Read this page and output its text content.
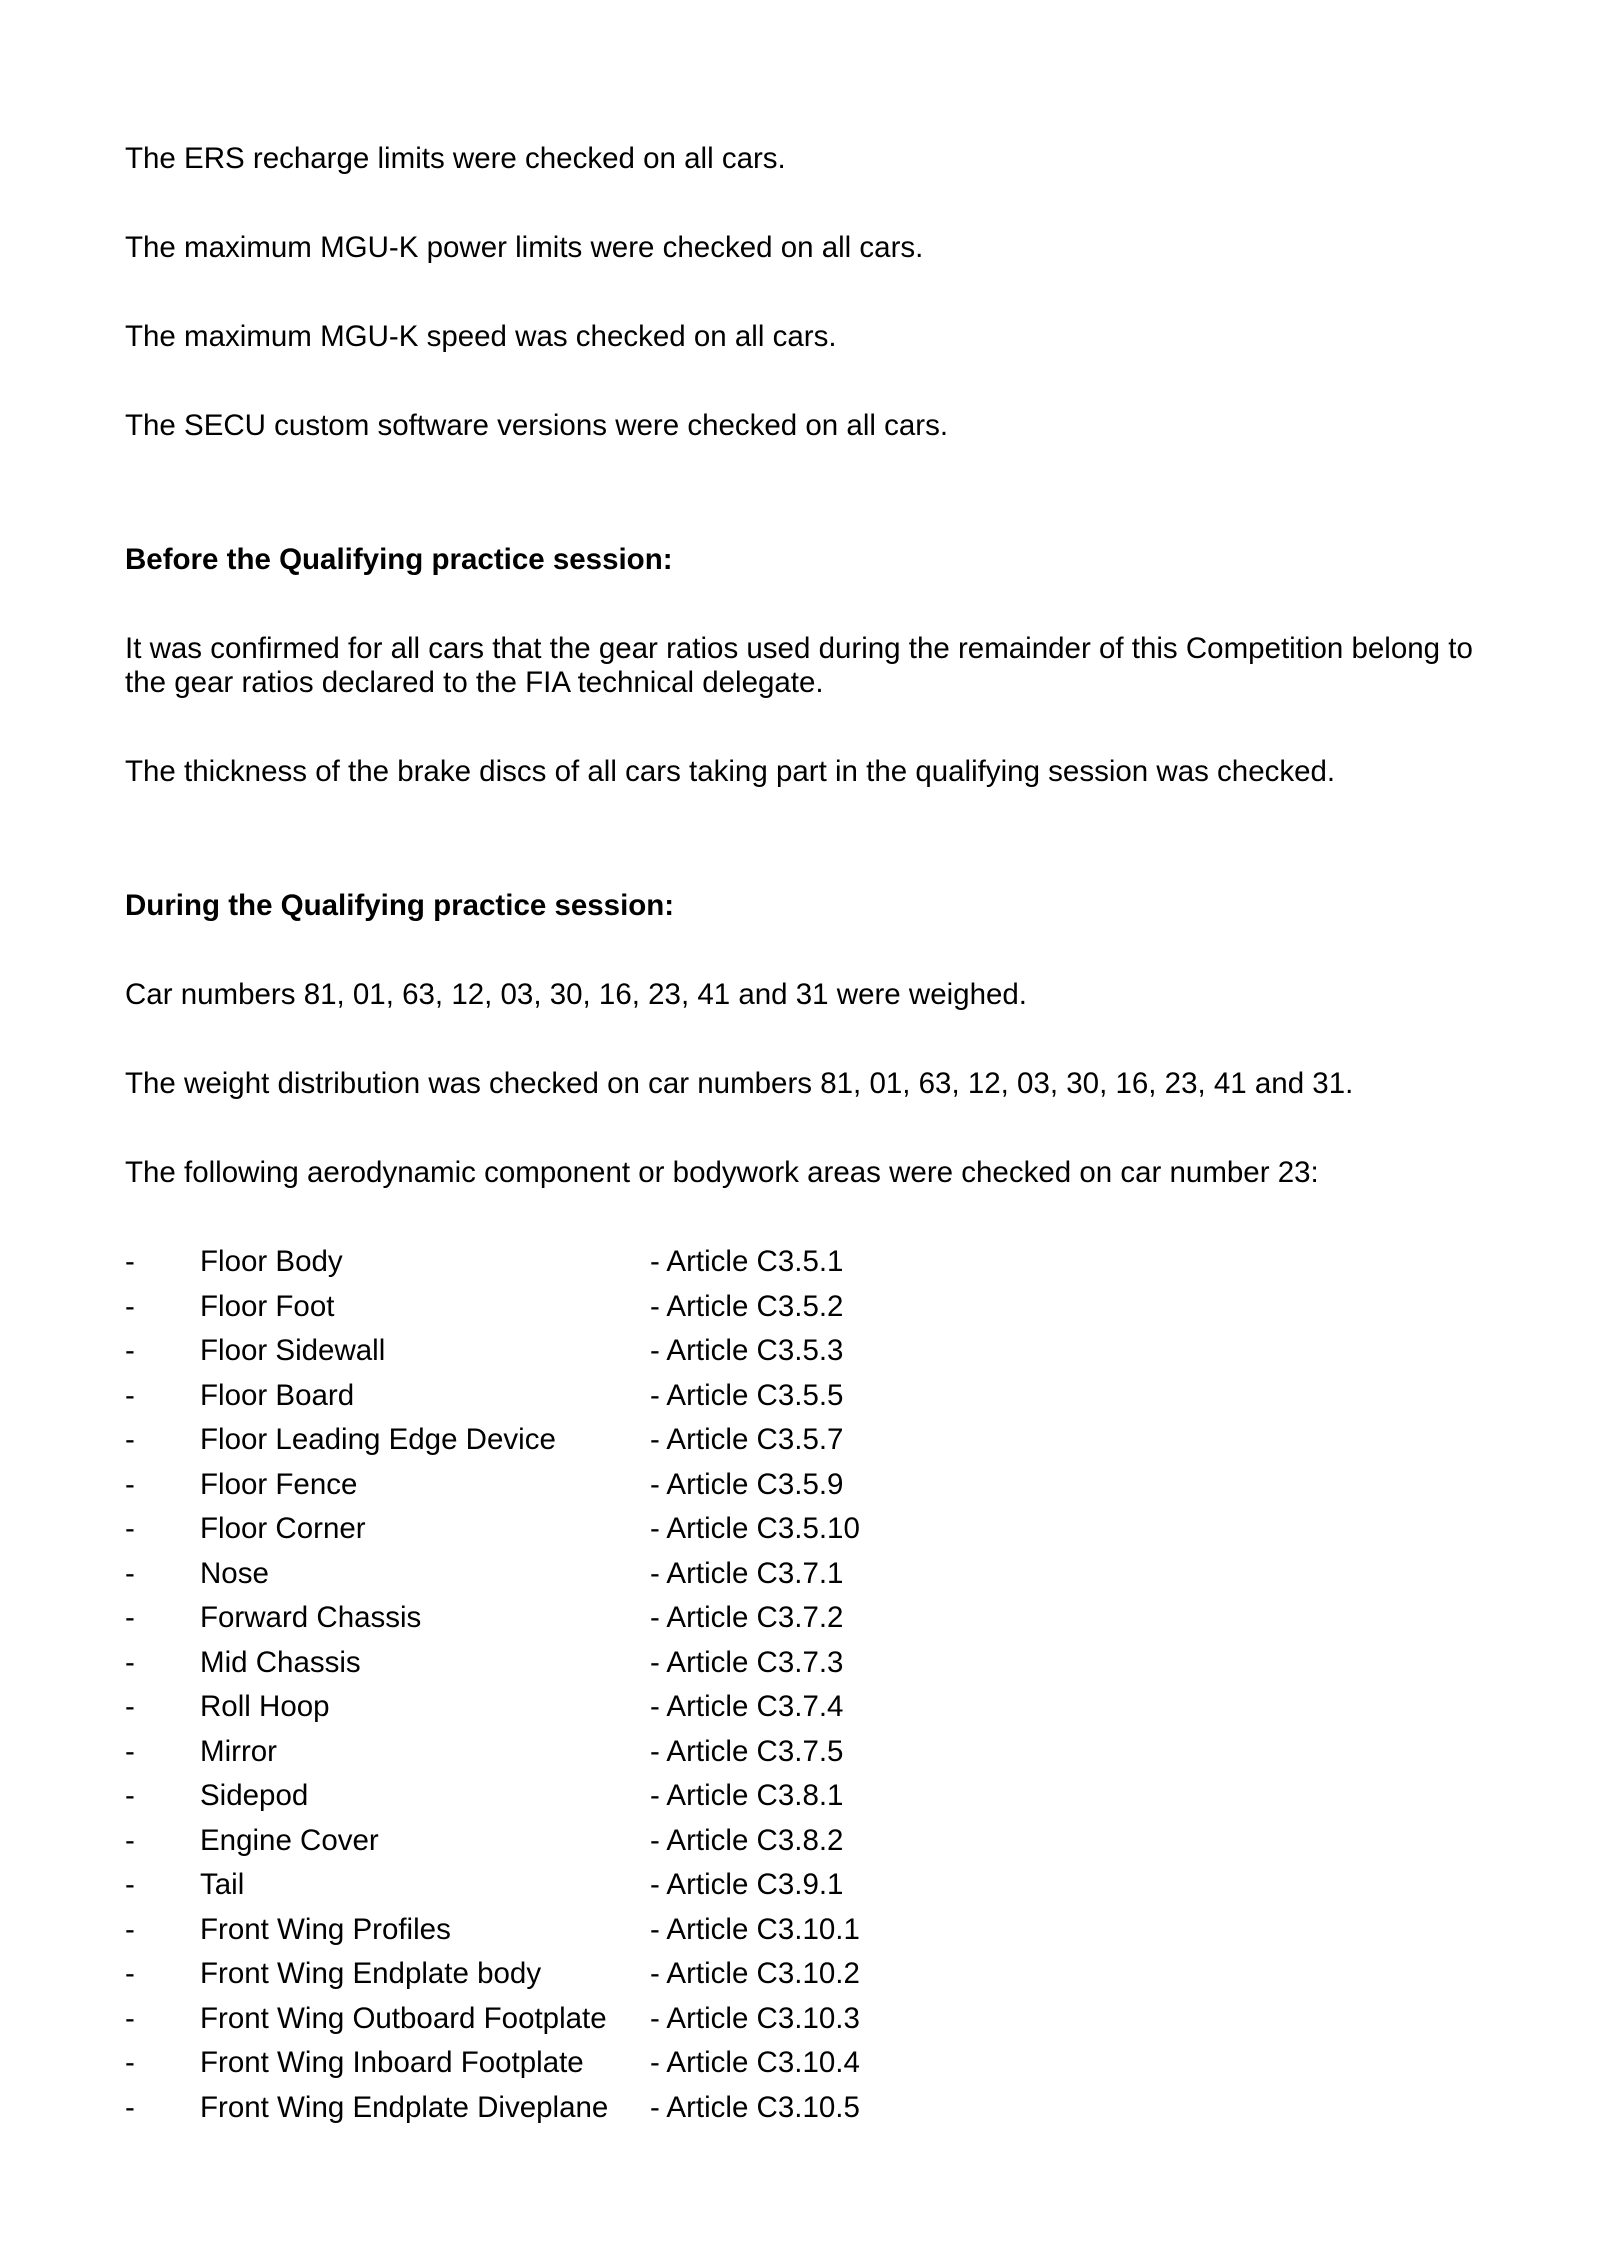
The ERS recharge limits were checked on all cars.
The maximum MGU-K power limits were checked on all cars.
The maximum MGU-K speed was checked on all cars.
The SECU custom software versions were checked on all cars.
Before the Qualifying practice session:
It was confirmed for all cars that the gear ratios used during the remainder of this Competition belong to the gear ratios declared to the FIA technical delegate.
The thickness of the brake discs of all cars taking part in the qualifying session was checked.
During the Qualifying practice session:
Car numbers 81, 01, 63, 12, 03, 30, 16, 23, 41 and 31 were weighed.
The weight distribution was checked on car numbers 81, 01, 63, 12, 03, 30, 16, 23, 41 and 31.
The following aerodynamic component or bodywork areas were checked on car number 23:
- Floor Body	- Article C3.5.1
- Floor Foot	- Article C3.5.2
- Floor Sidewall	- Article C3.5.3
- Floor Board	- Article C3.5.5
- Floor Leading Edge Device	- Article C3.5.7
- Floor Fence	- Article C3.5.9
- Floor Corner	- Article C3.5.10
- Nose	- Article C3.7.1
- Forward Chassis	- Article C3.7.2
- Mid Chassis	- Article C3.7.3
- Roll Hoop	- Article C3.7.4
- Mirror	- Article C3.7.5
- Sidepod	- Article C3.8.1
- Engine Cover	- Article C3.8.2
- Tail	- Article C3.9.1
- Front Wing Profiles	- Article C3.10.1
- Front Wing Endplate body	- Article C3.10.2
- Front Wing Outboard Footplate - Article C3.10.3
- Front Wing Inboard Footplate - Article C3.10.4
- Front Wing Endplate Diveplane - Article C3.10.5
